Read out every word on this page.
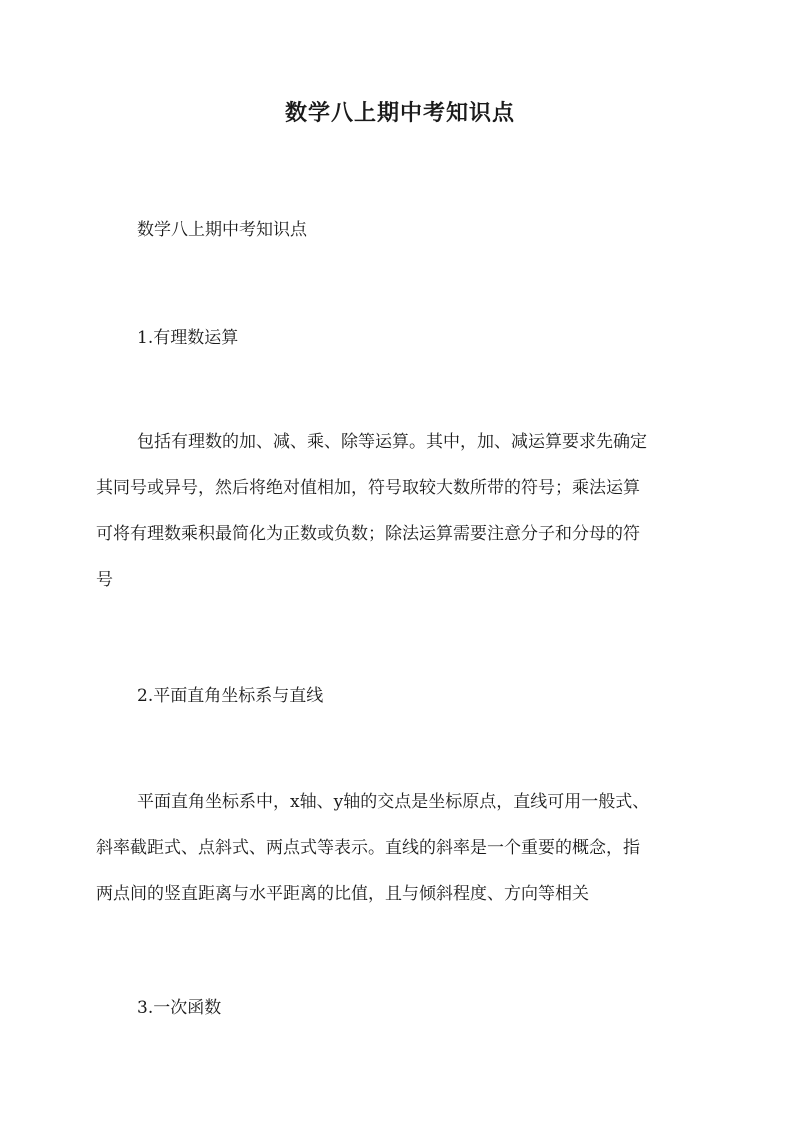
数学八上期中考知识点

数学八上期中考知识点

1.有理数运算

包括有理数的加、减、乘、除等运算。其中，加、减运算要求先确定
其同号或异号，然后将绝对值相加，符号取较大数所带的符号；乘法运算
可将有理数乘积最简化为正数或负数；除法运算需要注意分子和分母的符
号

2.平面直角坐标系与直线

平面直角坐标系中，x轴、y轴的交点是坐标原点，直线可用一般式、
斜率截距式、点斜式、两点式等表示。直线的斜率是一个重要的概念，指
两点间的竖直距离与水平距离的比值，且与倾斜程度、方向等相关

3.一次函数
